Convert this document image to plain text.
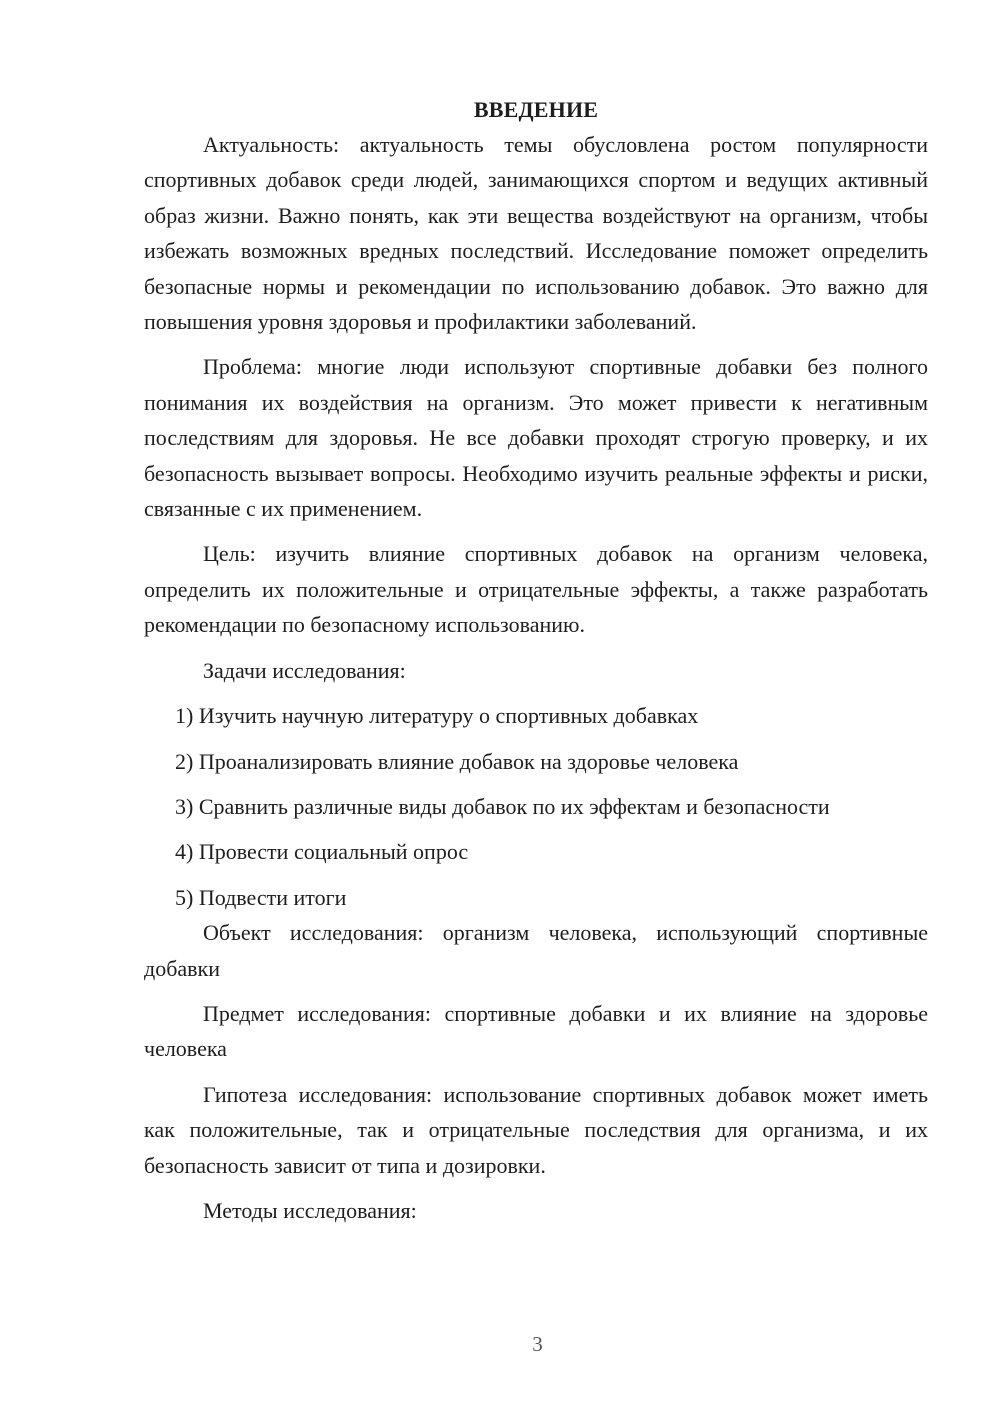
ВВЕДЕНИЕ

Актуальность: актуальность темы обусловлена ростом популярности спортивных добавок среди людей, занимающихся спортом и ведущих активный образ жизни. Важно понять, как эти вещества воздействуют на организм, чтобы избежать возможных вредных последствий. Исследование поможет определить безопасные нормы и рекомендации по использованию добавок. Это важно для повышения уровня здоровья и профилактики заболеваний.

Проблема: многие люди используют спортивные добавки без полного понимания их воздействия на организм. Это может привести к негативным последствиям для здоровья. Не все добавки проходят строгую проверку, и их безопасность вызывает вопросы. Необходимо изучить реальные эффекты и риски, связанные с их применением.

Цель: изучить влияние спортивных добавок на организм человека, определить их положительные и отрицательные эффекты, а также разработать рекомендации по безопасному использованию.

Задачи исследования:

1) Изучить научную литературу о спортивных добавках
2) Проанализировать влияние добавок на здоровье человека
3) Сравнить различные виды добавок по их эффектам и безопасности
4) Провести социальный опрос
5) Подвести итоги

Объект исследования: организм человека, использующий спортивные добавки

Предмет исследования: спортивные добавки и их влияние на здоровье человека

Гипотеза исследования: использование спортивных добавок может иметь как положительные, так и отрицательные последствия для организма, и их безопасность зависит от типа и дозировки.

Методы исследования:

3
